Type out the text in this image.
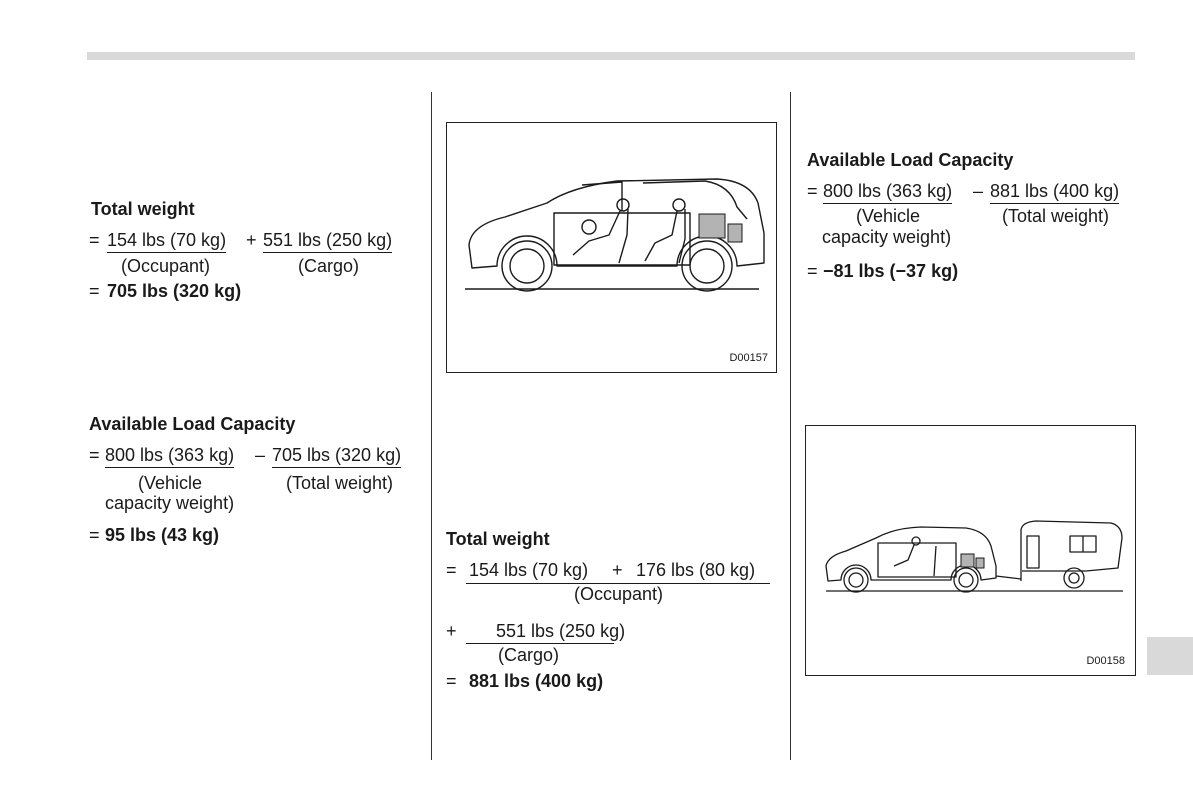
Total weight
= 154 lbs (70 kg) + 551 lbs (250 kg)
(Occupant)	(Cargo)
= 705 lbs (320 kg)
Available Load Capacity
= 800 lbs (363 kg) – 705 lbs (320 kg)
(Vehicle
capacity weight)
(Total weight)
= 95 lbs (43 kg)
D00157
Total weight
= 154 lbs (70 kg) + 176 lbs (80 kg)
(Occupant)
+ 551 lbs (250 kg)
(Cargo)
= 881 lbs (400 kg)
Available Load Capacity
= 800 lbs (363 kg) – 881 lbs (400 kg)
(Vehicle
capacity weight)
(Total weight)
= −81 lbs (−37 kg)
D00158
